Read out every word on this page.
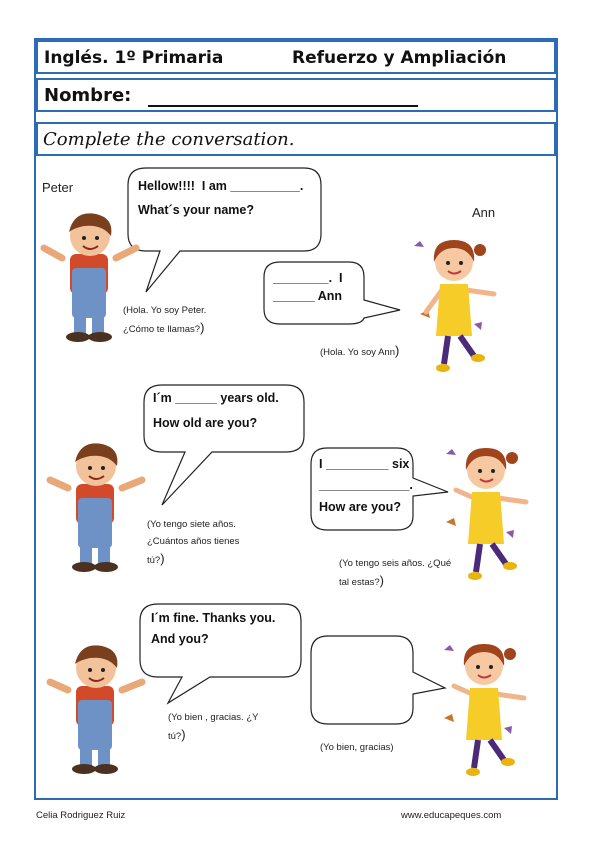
Inglés. 1º Primaria	Refuerzo y Ampliación
Nombre:
Complete the conversation.
Peter
Ann
Hellow!!!!  I am __________.
What´s your name?
________.  I
______ Ann
(Hola. Yo soy Peter.
¿Cómo te llamas?)
(Hola. Yo soy Ann)
I´m ______ years old.
How old are you?
I _________ six
_____________.
How are you?
(Yo tengo siete años.
¿Cuántos años tienes
tú?)	(Yo tengo seis años. ¿Qué
tal estas?)
I´m fine. Thanks you.
And you?
(Yo bien , gracias. ¿Y
tú?)
(Yo bien, gracias)
Celia Rodriguez Ruiz	www.educapeques.com
